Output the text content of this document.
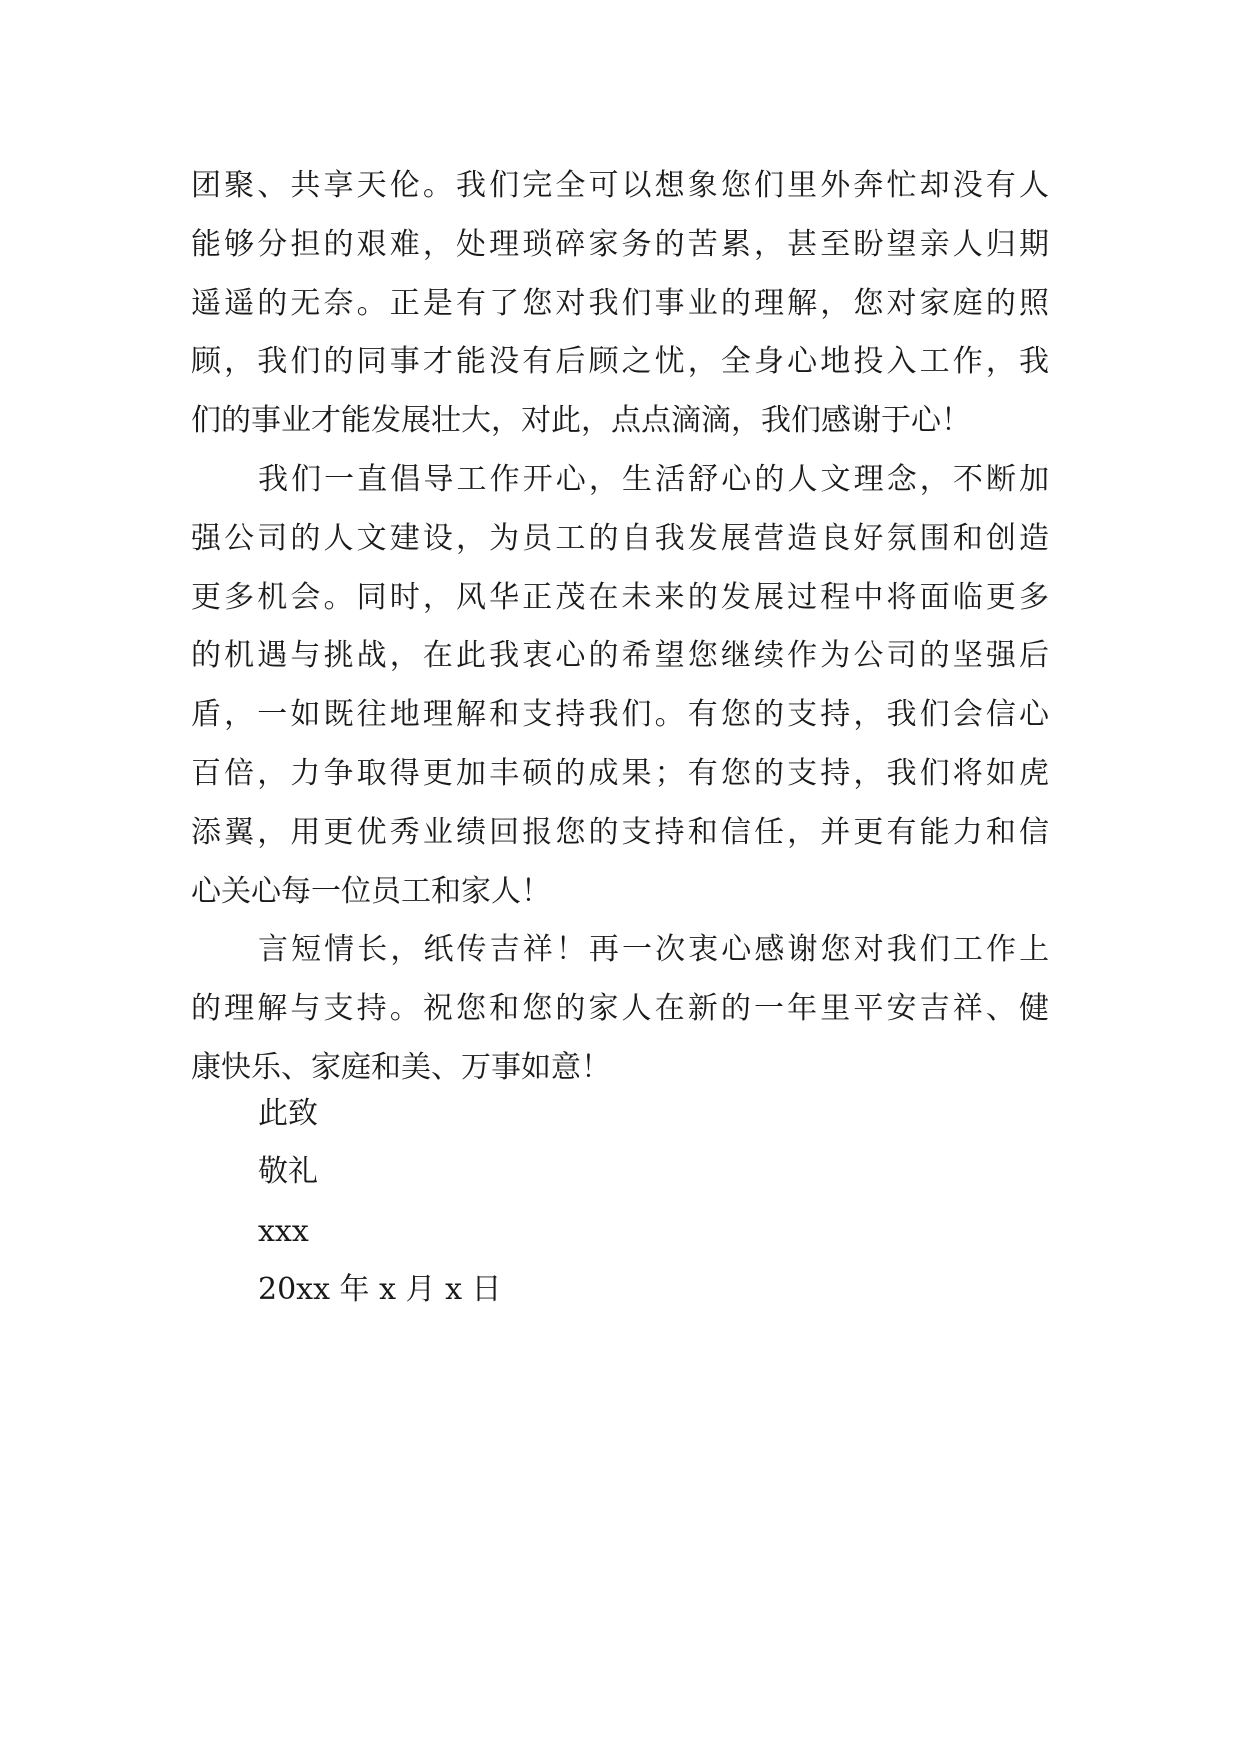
团聚、共享天伦。我们完全可以想象您们里外奔忙却没有人
能够分担的艰难，处理琐碎家务的苦累，甚至盼望亲人归期
遥遥的无奈。正是有了您对我们事业的理解，您对家庭的照
顾，我们的同事才能没有后顾之忧，全身心地投入工作，我
们的事业才能发展壮大，对此，点点滴滴，我们感谢于心！
我们一直倡导工作开心，生活舒心的人文理念，不断加
强公司的人文建设，为员工的自我发展营造良好氛围和创造
更多机会。同时，风华正茂在未来的发展过程中将面临更多
的机遇与挑战，在此我衷心的希望您继续作为公司的坚强后
盾，一如既往地理解和支持我们。有您的支持，我们会信心
百倍，力争取得更加丰硕的成果；有您的支持，我们将如虎
添翼，用更优秀业绩回报您的支持和信任，并更有能力和信
心关心每一位员工和家人！
言短情长，纸传吉祥！再一次衷心感谢您对我们工作上
的理解与支持。祝您和您的家人在新的一年里平安吉祥、健
康快乐、家庭和美、万事如意！
此致
敬礼
xxx
20xx 年 x 月 x 日
